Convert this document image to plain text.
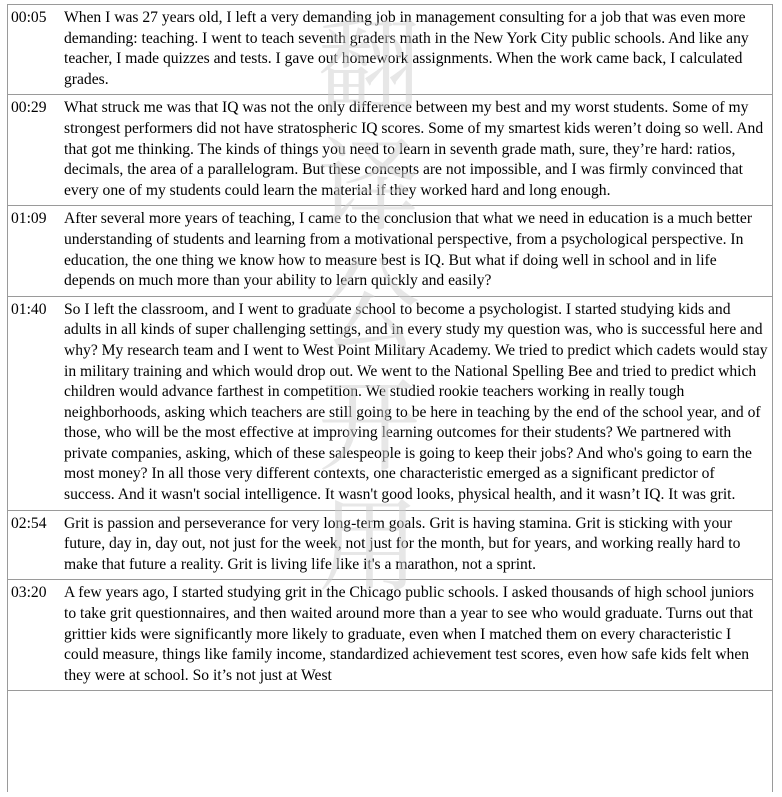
00:05	When I was 27 years old, I left a very demanding job in management consulting for a job that was even more demanding: teaching. I went to teach seventh graders math in the New York City public schools. And like any teacher, I made quizzes and tests. I gave out homework assignments. When the work came back, I calculated grades.
00:29	What struck me was that IQ was not the only difference between my best and my worst students. Some of my strongest performers did not have stratospheric IQ scores. Some of my smartest kids weren’t doing so well. And that got me thinking. The kinds of things you need to learn in seventh grade math, sure, they’re hard: ratios, decimals, the area of a parallelogram. But these concepts are not impossible, and I was firmly convinced that every one of my students could learn the material if they worked hard and long enough.
01:09	After several more years of teaching, I came to the conclusion that what we need in education is a much better understanding of students and learning from a motivational perspective, from a psychological perspective. In education, the one thing we know how to measure best is IQ. But what if doing well in school and in life depends on much more than your ability to learn quickly and easily?
01:40	So I left the classroom, and I went to graduate school to become a psychologist. I started studying kids and adults in all kinds of super challenging settings, and in every study my question was, who is successful here and why? My research team and I went to West Point Military Academy. We tried to predict which cadets would stay in military training and which would drop out. We went to the National Spelling Bee and tried to predict which children would advance farthest in competition. We studied rookie teachers working in really tough neighborhoods, asking which teachers are still going to be here in teaching by the end of the school year, and of those, who will be the most effective at improving learning outcomes for their students? We partnered with private companies, asking, which of these salespeople is going to keep their jobs? And who's going to earn the most money? In all those very different contexts, one characteristic emerged as a significant predictor of success. And it wasn't social intelligence. It wasn't good looks, physical health, and it wasn’t IQ. It was grit.
02:54	Grit is passion and perseverance for very long-term goals. Grit is having stamina. Grit is sticking with your future, day in, day out, not just for the week, not just for the month, but for years, and working really hard to make that future a reality. Grit is living life like it's a marathon, not a sprint.
03:20	A few years ago, I started studying grit in the Chicago public schools. I asked thousands of high school juniors to take grit questionnaires, and then waited around more than a year to see who would graduate. Turns out that grittier kids were significantly more likely to graduate, even when I matched them on every characteristic I could measure, things like family income, standardized achievement test scores, even how safe kids felt when they were at school. So it’s not just at West
翻译公开用
